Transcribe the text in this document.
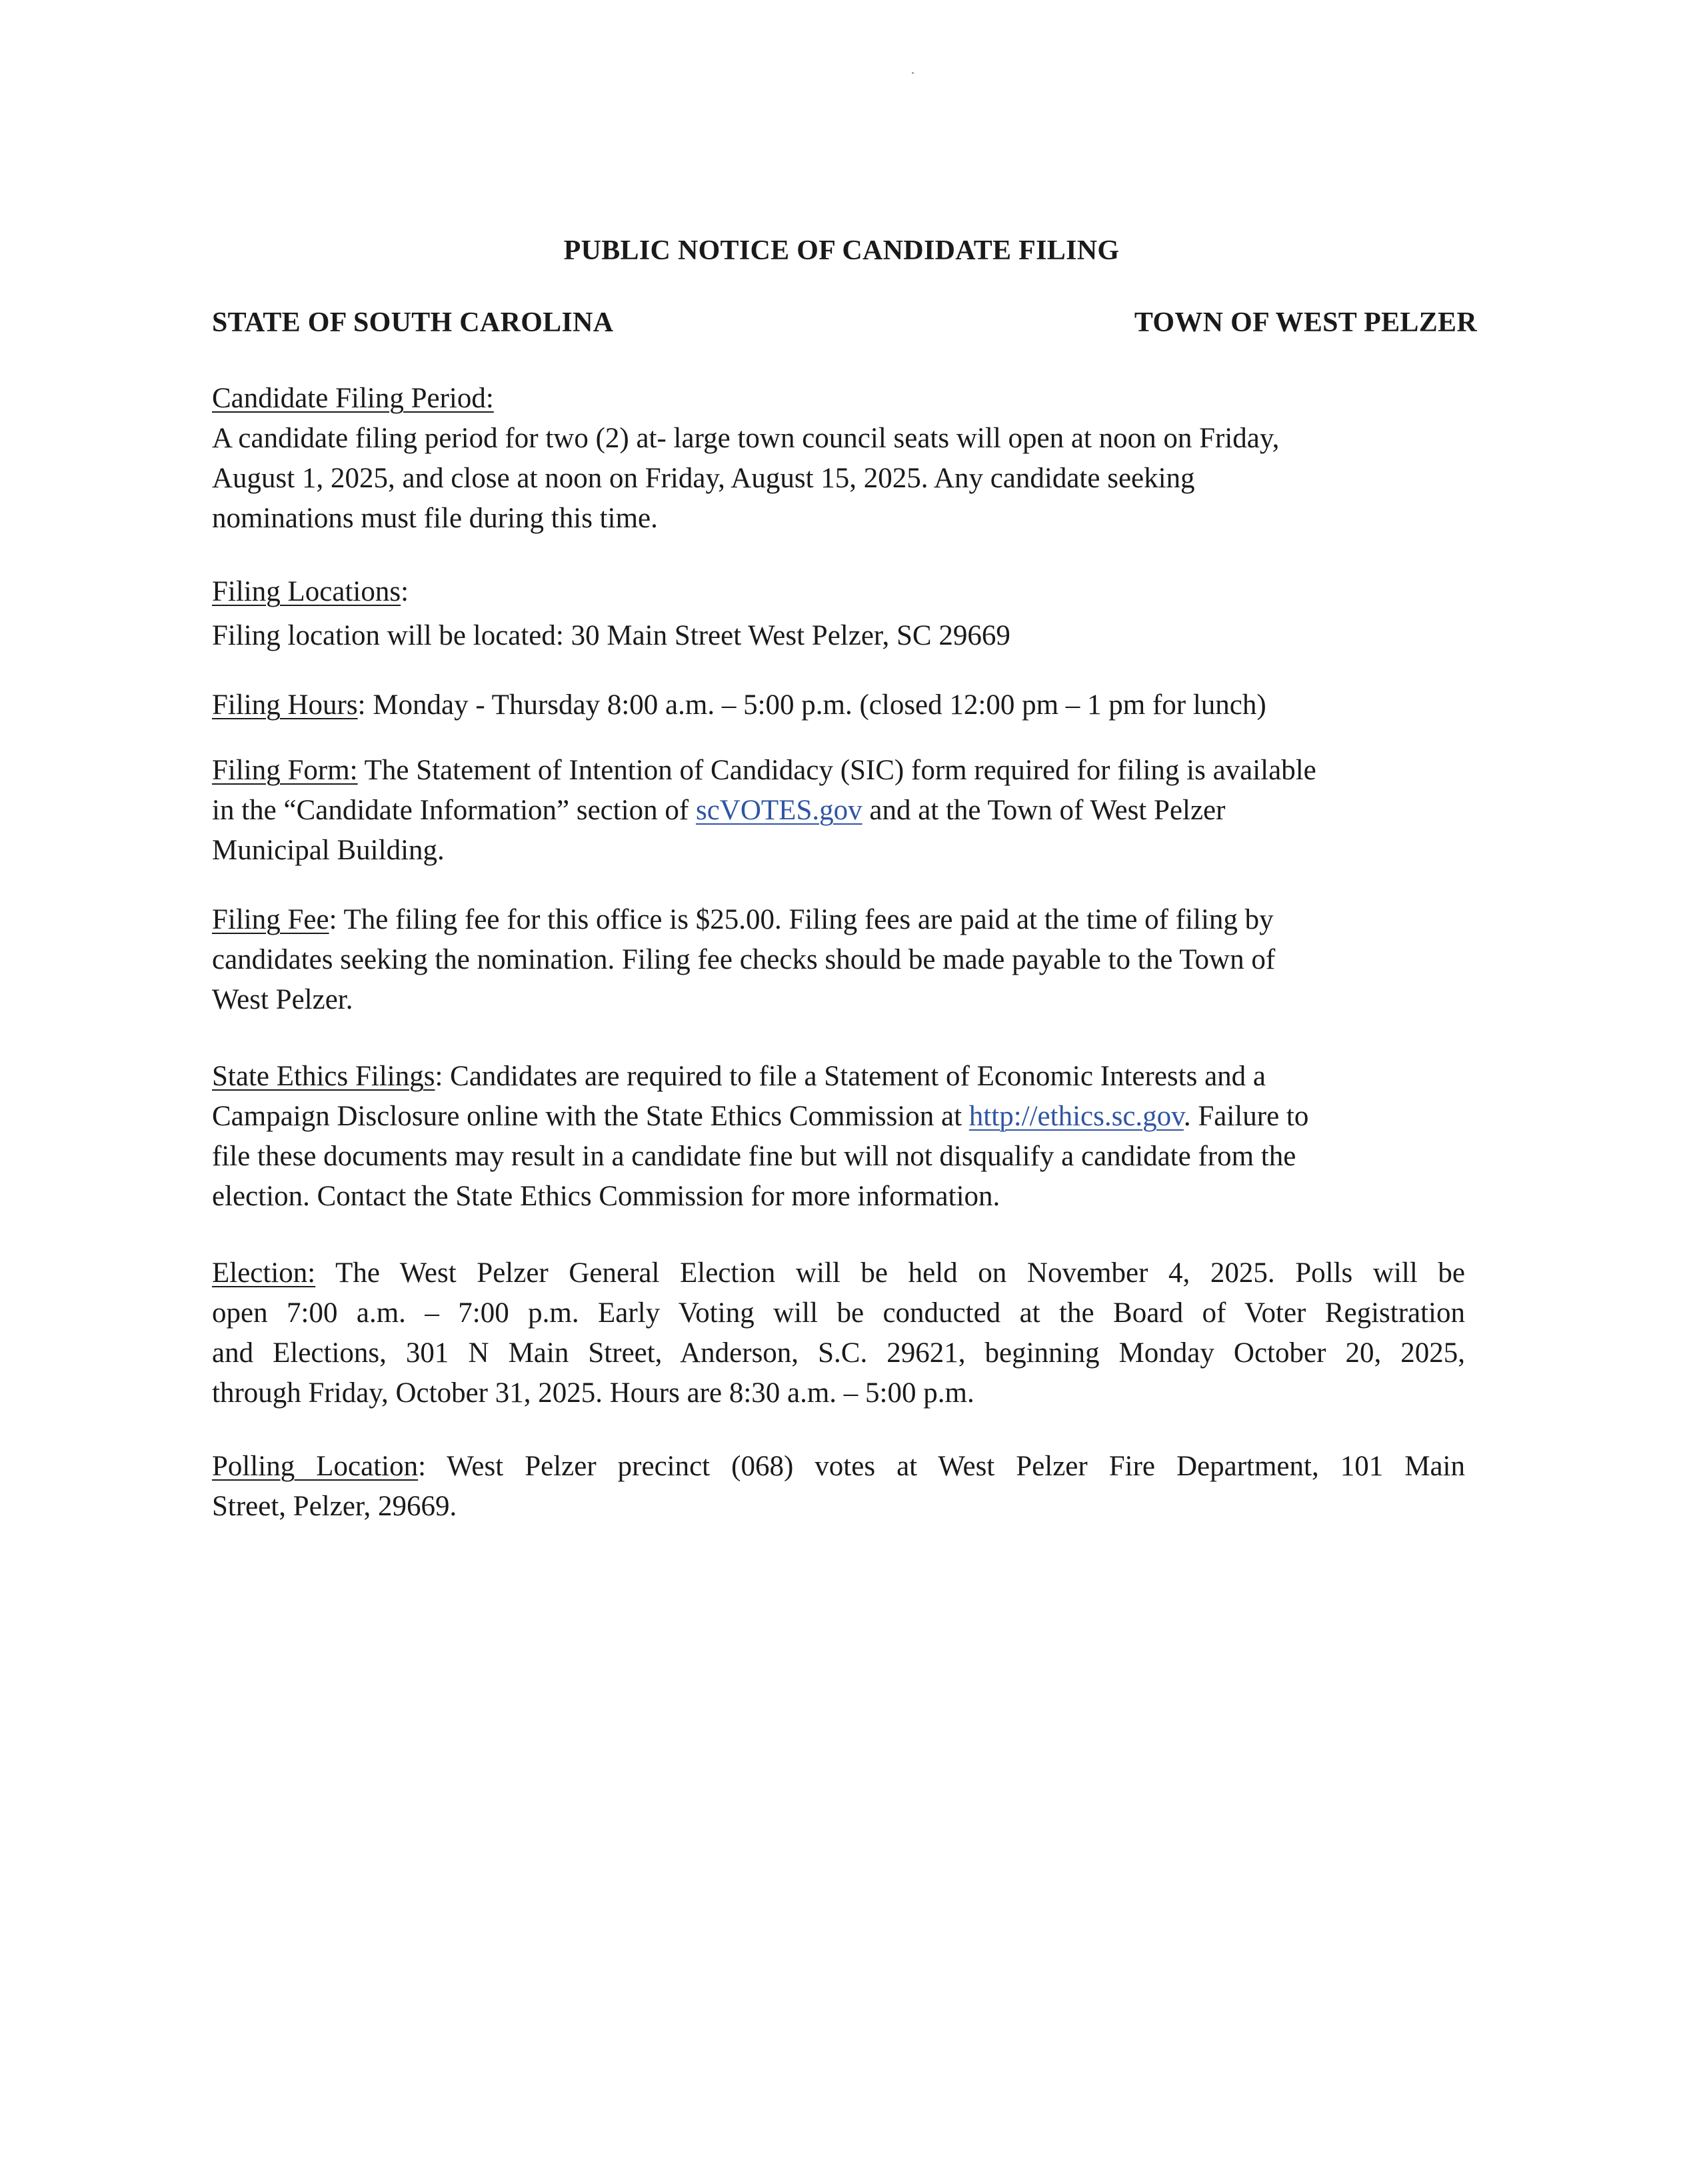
PUBLIC NOTICE OF CANDIDATE FILING
STATE OF SOUTH CAROLINA	TOWN OF WEST PELZER
Candidate Filing Period:
A candidate filing period for two (2) at- large town council seats will open at noon on Friday,
August 1, 2025, and close at noon on Friday, August 15, 2025. Any candidate seeking
nominations must file during this time.
Filing Locations:
Filing location will be located: 30 Main Street West Pelzer, SC 29669
Filing Hours: Monday - Thursday 8:00 a.m. – 5:00 p.m. (closed 12:00 pm – 1 pm for lunch)
Filing Form: The Statement of Intention of Candidacy (SIC) form required for filing is available
in the “Candidate Information” section of scVOTES.gov and at the Town of West Pelzer
Municipal Building.
Filing Fee: The filing fee for this office is $25.00. Filing fees are paid at the time of filing by
candidates seeking the nomination. Filing fee checks should be made payable to the Town of
West Pelzer.
State Ethics Filings: Candidates are required to file a Statement of Economic Interests and a
Campaign Disclosure online with the State Ethics Commission at http://ethics.sc.gov. Failure to
file these documents may result in a candidate fine but will not disqualify a candidate from the
election. Contact the State Ethics Commission for more information.
Election: The West Pelzer General Election will be held on November 4, 2025. Polls will be
open 7:00 a.m. – 7:00 p.m. Early Voting will be conducted at the Board of Voter Registration
and Elections, 301 N Main Street, Anderson, S.C. 29621, beginning Monday October 20, 2025,
through Friday, October 31, 2025. Hours are 8:30 a.m. – 5:00 p.m.
Polling Location: West Pelzer precinct (068) votes at West Pelzer Fire Department, 101 Main
Street, Pelzer, 29669.
